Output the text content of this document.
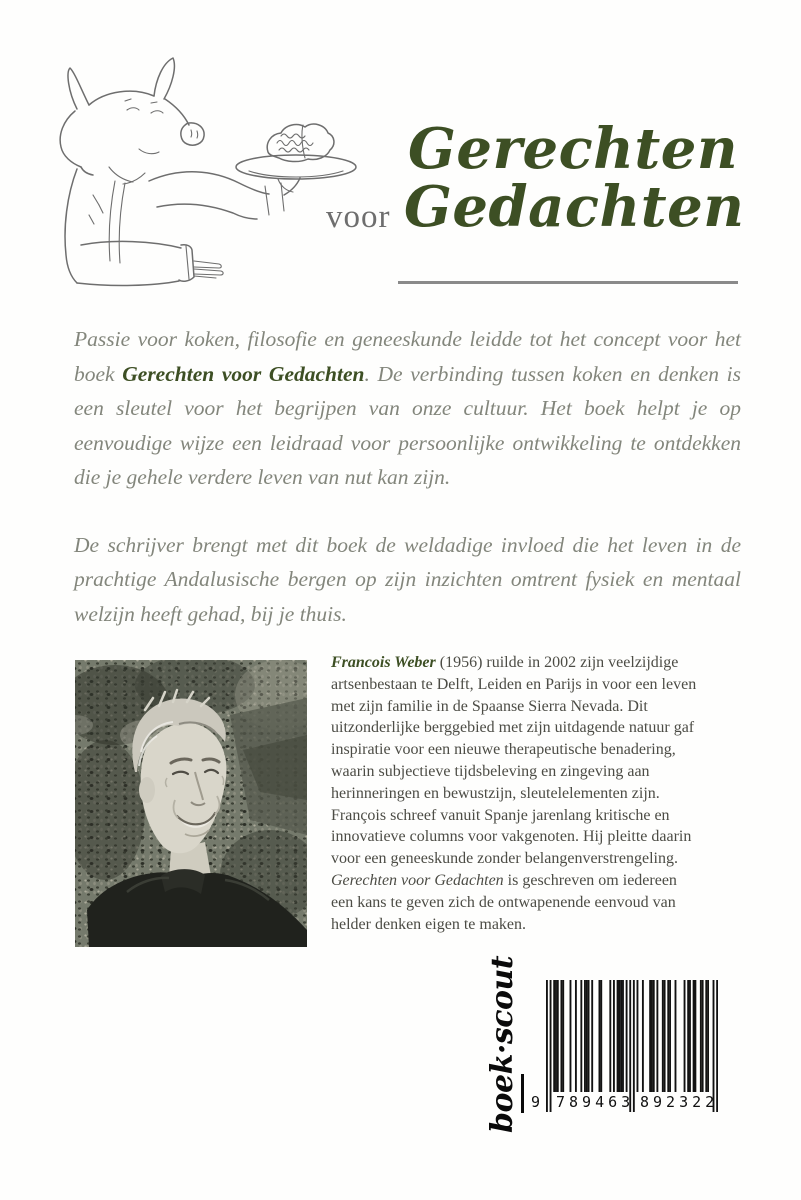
voor
Gerechten
Gedachten

Passie voor koken, filosofie en geneeskunde leidde tot het concept voor het boek Gerechten voor Gedachten. De verbinding tussen koken en denken is een sleutel voor het begrijpen van onze cultuur. Het boek helpt je op eenvoudige wijze een leidraad voor persoonlijke ontwikkeling te ontdekken die je gehele verdere leven van nut kan zijn.

De schrijver brengt met dit boek de weldadige invloed die het leven in de prachtige Andalusische bergen op zijn inzichten omtrent fysiek en mentaal welzijn heeft gehad, bij je thuis.

Francois Weber (1956) ruilde in 2002 zijn veelzijdige artsenbestaan te Delft, Leiden en Parijs in voor een leven met zijn familie in de Spaanse Sierra Nevada. Dit uitzonderlijke berggebied met zijn uitdagende natuur gaf inspiratie voor een nieuwe therapeutische benadering, waarin subjectieve tijdsbeleving en zingeving aan herinneringen en bewustzijn, sleutelelementen zijn. François schreef vanuit Spanje jarenlang kritische en innovatieve columns voor vakgenoten. Hij pleitte daarin voor een geneeskunde zonder belangenverstrengeling. Gerechten voor Gedachten is geschreven om iedereen een kans te geven zich de ontwapenende eenvoud van helder denken eigen te maken.
boek·scout
9 789463 892322
